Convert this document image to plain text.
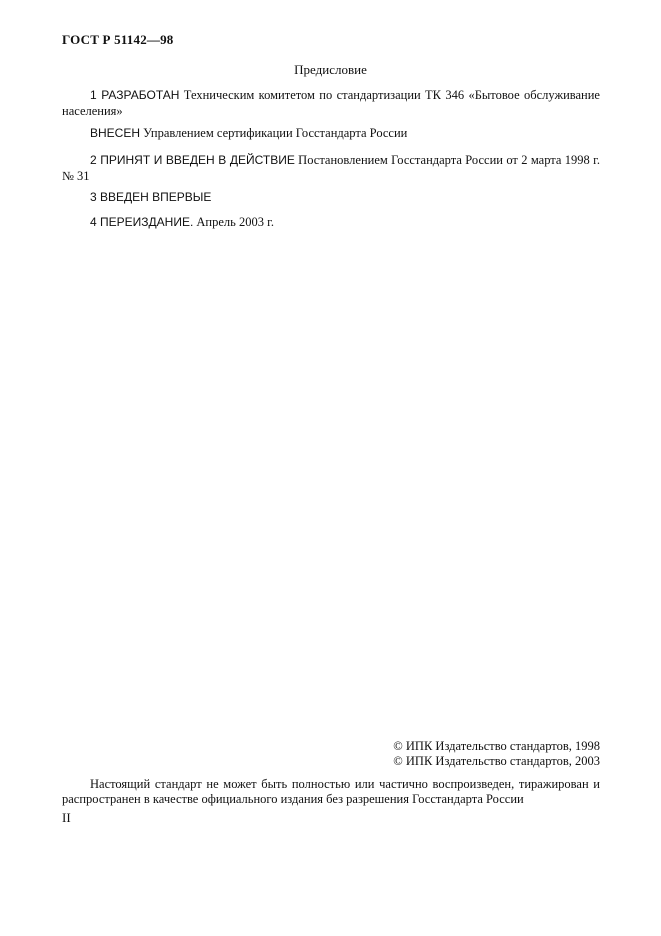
ГОСТ Р 51142—98
Предисловие
1 РАЗРАБОТАН Техническим комитетом по стандартизации ТК 346 «Бытовое обслуживание населения»
ВНЕСЕН Управлением сертификации Госстандарта России
2 ПРИНЯТ И ВВЕДЕН В ДЕЙСТВИЕ Постановлением Госстандарта России от 2 марта 1998 г. № 31
3 ВВЕДЕН ВПЕРВЫЕ
4 ПЕРЕИЗДАНИЕ. Апрель 2003 г.
© ИПК Издательство стандартов, 1998
© ИПК Издательство стандартов, 2003
Настоящий стандарт не может быть полностью или частично воспроизведен, тиражирован и распространен в качестве официального издания без разрешения Госстандарта России
II
